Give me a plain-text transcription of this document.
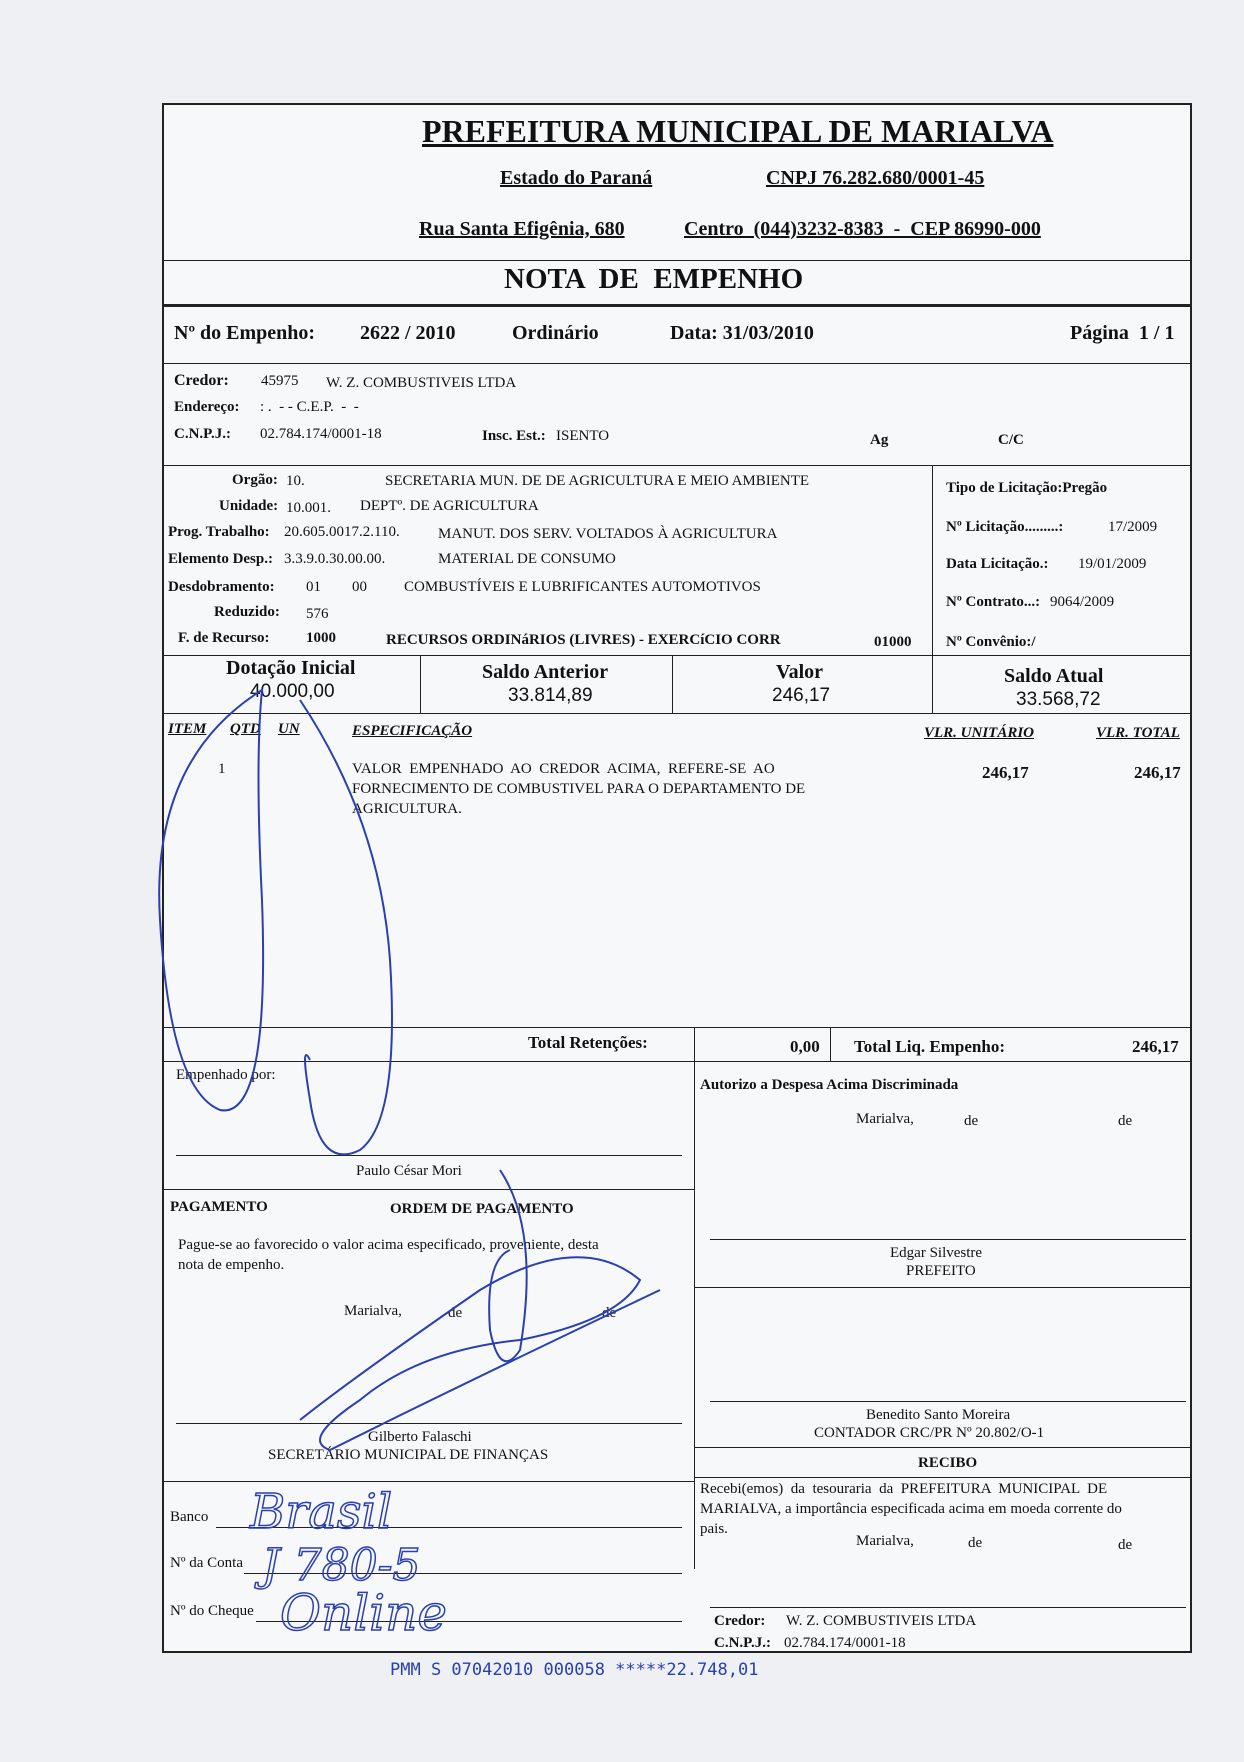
PREFEITURA MUNICIPAL DE MARIALVA
Estado do Paraná	CNPJ 76.282.680/0001-45
Rua Santa Efigênia, 680	Centro  (044)3232-8383  -  CEP 86990-000
NOTA  DE  EMPENHO
Nº do Empenho: 2622 / 2010	Ordinário	Data: 31/03/2010	Página  1 / 1
Credor: 45975 W. Z. COMBUSTIVEIS LTDA
Endereço: : .  - - C.E.P.  -  -
C.N.P.J.: 02.784.174/0001-18	Insc. Est.: ISENTO	Ag	C/C
Orgão: 10.	SECRETARIA MUN. DE DE AGRICULTURA E MEIO AMBIENTE
Unidade: 10.001. DEPTº. DE AGRICULTURA
Prog. Trabalho: 20.605.0017.2.110.	MANUT. DOS SERV. VOLTADOS À AGRICULTURA
Elemento Desp.: 3.3.9.0.30.00.00.	MATERIAL DE CONSUMO
Desdobramento: 01 00 COMBUSTÍVEIS E LUBRIFICANTES AUTOMOTIVOS
Reduzido: 576
F. de Recurso: 1000	RECURSOS ORDINáRIOS (LIVRES) - EXERCíCIO CORR	01000
Tipo de Licitação:Pregão
Nº Licitação.........:	17/2009
Data Licitação.: 19/01/2009
Nº Contrato...: 9064/2009
Nº Convênio:/
Dotação Inicial
40.000,00
Saldo Anterior
33.814,89
Valor
246,17
Saldo Atual
33.568,72
ITEM QTD UN	ESPECIFICAÇÃO	VLR. UNITÁRIO	VLR. TOTAL
1	VALOR  EMPENHADO  AO  CREDOR  ACIMA,  REFERE-SE  AO
FORNECIMENTO DE COMBUSTIVEL PARA O DEPARTAMENTO DE
AGRICULTURA.
246,17	246,17
Total Retenções:	0,00 Total Liq. Empenho:	246,17
Empenhado por:
Paulo César Mori
PAGAMENTO	ORDEM DE PAGAMENTO
Pague-se ao favorecido o valor acima especificado, proveniente, desta
nota de empenho.
Marialva,	de	de
Gilberto Falaschi
SECRETÁRIO MUNICIPAL DE FINANÇAS
Banco
Nº da Conta
Nº do Cheque
Autorizo a Despesa Acima Discriminada
Marialva,	de	de
Edgar Silvestre
PREFEITO
Benedito Santo Moreira
CONTADOR CRC/PR Nº 20.802/O-1
RECIBO
Recebi(emos)  da  tesouraria  da  PREFEITURA  MUNICIPAL  DE
MARIALVA, a importância especificada acima em moeda corrente do
pais.
Marialva,	de	de
Credor: W. Z. COMBUSTIVEIS LTDA
C.N.P.J.: 02.784.174/0001-18
PMM S 07042010 000058 *****22.748,01
Brasil
J 780-5
Online
